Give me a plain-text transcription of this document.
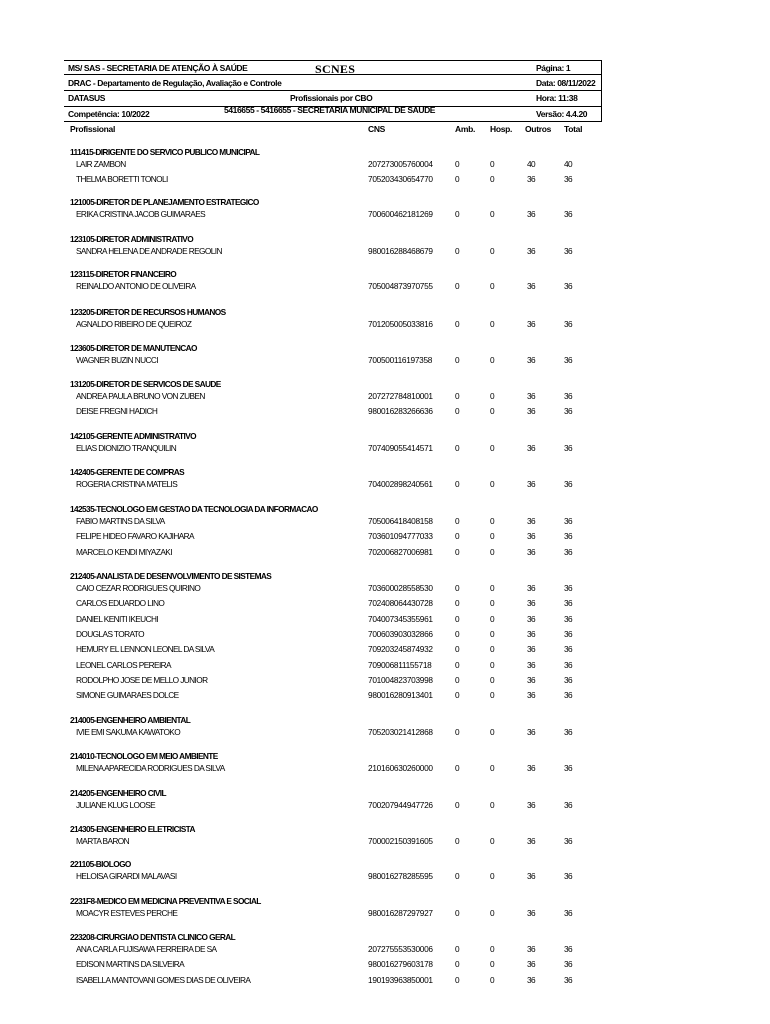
MS/ SAS - SECRETARIA DE ATENÇÃO À SAÚDE	SCNES	Página: 1
DRAC - Departamento de Regulação, Avaliação e Controle	Data: 08/11/2022
DATASUS	Profissionais por CBO	Hora: 11:38
Competência: 10/2022	5416655 - 5416655 - SECRETARIA MUNICIPAL DE SAUDE	Versão: 4.4.20
Profissional	CNS	Amb. Hosp. Outros Total
111415-DIRIGENTE DO SERVICO PUBLICO MUNICIPAL
LAIR ZAMBON	207273005760004	0	0	40	40
THELMA BORETTI TONOLI	705203430654770	0	0	36	36
121005-DIRETOR DE PLANEJAMENTO ESTRATEGICO
ERIKA CRISTINA JACOB GUIMARAES	700600462181269	0	0	36	36
123105-DIRETOR ADMINISTRATIVO
SANDRA HELENA DE ANDRADE REGOLIN	980016288468679	0	0	36	36
123115-DIRETOR FINANCEIRO
REINALDO ANTONIO DE OLIVEIRA	705004873970755	0	0	36	36
123205-DIRETOR DE RECURSOS HUMANOS
AGNALDO RIBEIRO DE QUEIROZ	701205005033816	0	0	36	36
123605-DIRETOR DE MANUTENCAO
WAGNER BUZIN NUCCI	700500116197358	0	0	36	36
131205-DIRETOR DE SERVICOS DE SAUDE
ANDREA PAULA BRUNO VON ZUBEN	207272784810001	0	0	36	36
DEISE FREGNI HADICH	980016283266636	0	0	36	36
142105-GERENTE ADMINISTRATIVO
ELIAS DIONIZIO TRANQUILIN	707409055414571	0	0	36	36
142405-GERENTE DE COMPRAS
ROGERIA CRISTINA MATELIS	704002898240561	0	0	36	36
142535-TECNOLOGO EM GESTAO DA TECNOLOGIA DA INFORMACAO
FABIO MARTINS DA SILVA	705006418408158	0	0	36	36
FELIPE HIDEO FAVARO KAJIHARA	703601094777033	0	0	36	36
MARCELO KENDI MIYAZAKI	702006827006981	0	0	36	36
212405-ANALISTA DE DESENVOLVIMENTO DE SISTEMAS
CAIO CEZAR RODRIGUES QUIRINO	703600028558530	0	0	36	36
CARLOS EDUARDO LINO	702408064430728	0	0	36	36
DANIEL KENITI IKEUCHI	704007345355961	0	0	36	36
DOUGLAS TORATO	700603903032866	0	0	36	36
HEMURY EL LENNON LEONEL DA SILVA	709203245874932	0	0	36	36
LEONEL CARLOS PEREIRA	709006811155718	0	0	36	36
RODOLPHO JOSE DE MELLO JUNIOR	701004823703998	0	0	36	36
SIMONE GUIMARAES DOLCE	980016280913401	0	0	36	36
214005-ENGENHEIRO AMBIENTAL
IVIE EMI SAKUMA KAWATOKO	705203021412868	0	0	36	36
214010-TECNOLOGO EM MEIO AMBIENTE
MILENA APARECIDA RODRIGUES DA SILVA	210160630260000	0	0	36	36
214205-ENGENHEIRO CIVIL
JULIANE KLUG LOOSE	700207944947726	0	0	36	36
214305-ENGENHEIRO ELETRICISTA
MARTA BARON	700002150391605	0	0	36	36
221105-BIOLOGO
HELOISA GIRARDI MALAVASI	980016278285595	0	0	36	36
2231F8-MEDICO EM MEDICINA PREVENTIVA E SOCIAL
MOACYR ESTEVES PERCHE	980016287297927	0	0	36	36
223208-CIRURGIAO DENTISTA CLINICO GERAL
ANA CARLA FUJISAWA FERREIRA DE SA	207275553530006	0	0	36	36
EDISON MARTINS DA SILVEIRA	980016279603178	0	0	36	36
ISABELLA MANTOVANI GOMES DIAS DE OLIVEIRA	190193963850001	0	0	36	36
